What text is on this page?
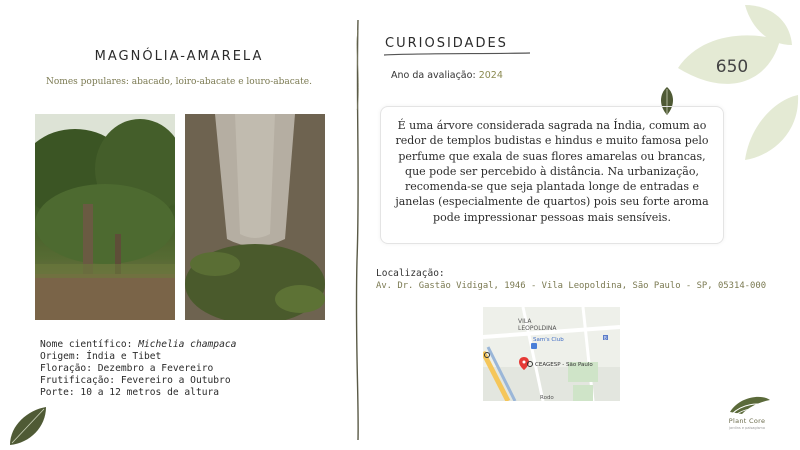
650
MAGNÓLIA-AMARELA
Nomes populares: abacado, loiro-abacate e louro-abacate.
Nome científico: Michelia champaca
Origem: Índia e Tibet
Floração: Dezembro a Fevereiro
Frutificação: Fevereiro a Outubro
Porte: 10 a 12 metros de altura
CURIOSIDADES
Ano da avaliação: 2024
É uma árvore considerada sagrada na Índia, comum ao redor de templos budistas e hindus e muito famosa pelo perfume que exala de suas flores amarelas ou brancas, que pode ser percebido à distância. Na urbanização, recomenda-se que seja plantada longe de entradas e janelas (especialmente de quartos) pois seu forte aroma pode impressionar pessoas mais sensíveis.
Localização:
Av. Dr. Gastão Vidigal, 1946 - Vila Leopoldina, São Paulo - SP, 05314-000
VILA
LEOPOLDINA
Sam's Club
CEAGESP - São Paulo
Rodo
B
Plant Core
jardins e paisagismo
